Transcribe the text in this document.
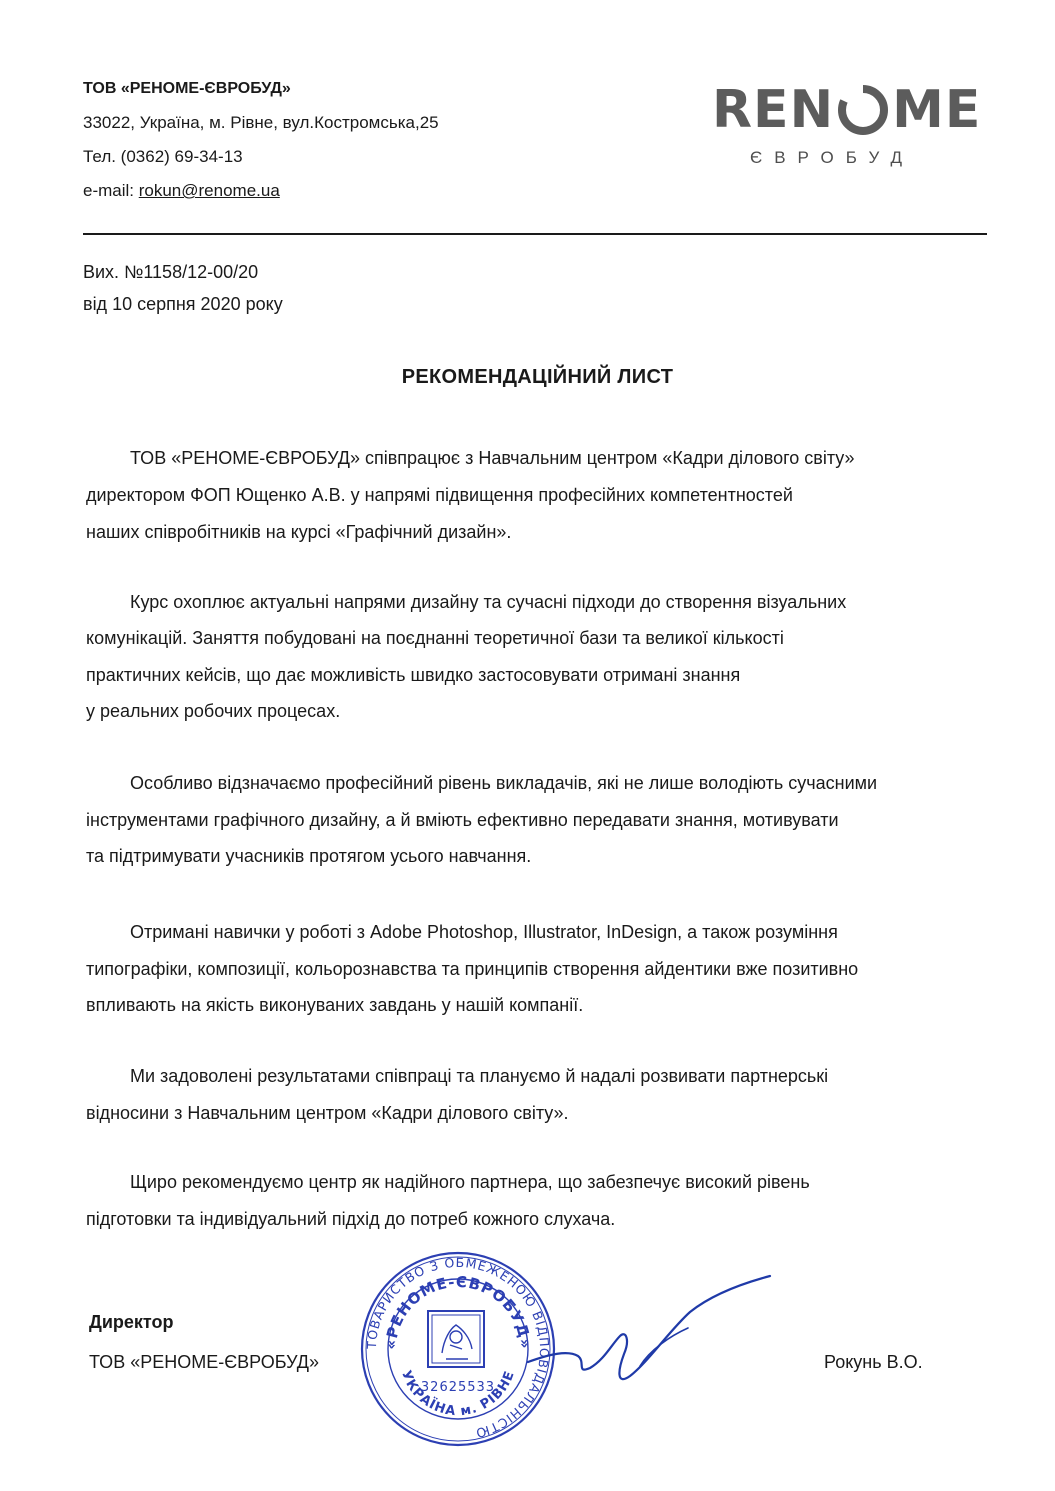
ТОВ «РЕНОМЕ-ЄВРОБУД»
33022, Україна, м. Рівне, вул.Костромська,25
Тел. (0362) 69-34-13
e-mail: rokun@renome.ua
REN ME
ЄВРОБУД
Вих. №1158/12-00/20
від 10 серпня 2020 року
РЕКОМЕНДАЦІЙНИЙ ЛИСТ
ТОВ «РЕНОМЕ-ЄВРОБУД» співпрацює з Навчальним центром «Кадри ділового світу»
директором ФОП Ющенко А.В. у напрямі підвищення професійних компетентностей
наших співробітників на курсі «Графічний дизайн».
Курс охоплює актуальні напрями дизайну та сучасні підходи до створення візуальних
комунікацій. Заняття побудовані на поєднанні теоретичної бази та великої кількості
практичних кейсів, що дає можливість швидко застосовувати отримані знання
у реальних робочих процесах.
Особливо відзначаємо професійний рівень викладачів, які не лише володіють сучасними
інструментами графічного дизайну, а й вміють ефективно передавати знання, мотивувати
та підтримувати учасників протягом усього навчання.
Отримані навички у роботі з Adobe Photoshop, Illustrator, InDesign, а також розуміння
типографіки, композиції, кольорознавства та принципів створення айдентики вже позитивно
впливають на якість виконуваних завдань у нашій компанії.
Ми задоволені результатами співпраці та плануємо й надалі розвивати партнерські
відносини з Навчальним центром «Кадри ділового світу».
Щиро рекомендуємо центр як надійного партнера, що забезпечує високий рівень
підготовки та індивідуальний підхід до потреб кожного слухача.
Директор
ТОВ «РЕНОМЕ-ЄВРОБУД»	Рокунь В.О.
ТОВАРИСТВО З ОБМЕЖЕНОЮ ВІДПОВІДАЛЬНІСТЮ
«РЕНОМЕ-ЄВРОБУД»
УКРАЇНА м. РІВНЕ
32625533
